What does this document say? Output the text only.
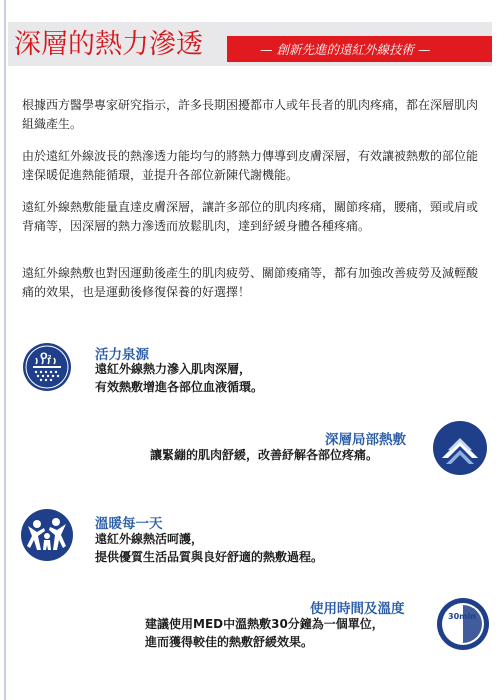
深層的熱力滲透	— 創新先進的遠紅外線技術 —
根據西方醫學專家研究指示，許多長期困擾都市人或年長者的肌肉疼痛，都在深層肌肉組織產生。
由於遠紅外線波長的熱滲透力能均勻的將熱力傳導到皮膚深層，有效讓被熱敷的部位能達保暖促進熱能循環，並提升各部位新陳代謝機能。
遠紅外線熱敷能量直達皮膚深層，讓許多部位的肌肉疼痛，關節疼痛，腰痛，頸或肩或背痛等，因深層的熱力滲透而放鬆肌肉，達到紓緩身體各種疼痛。
遠紅外線熱敷也對因運動後產生的肌肉疲勞、關節痠痛等，都有加強改善疲勞及減輕酸痛的效果，也是運動後修復保養的好選擇！
O₂	活力泉源
遠紅外線熱力滲入肌肉深層，
有效熱敷增進各部位血液循環。
深層局部熱敷
讓緊繃的肌肉舒緩，改善紓解各部位疼痛。
溫暖每一天
遠紅外線熱活呵護，
提供優質生活品質與良好舒適的熱敷過程。
30min
使用時間及溫度
建議使用MED中溫熱敷30分鐘為一個單位，
進而獲得較佳的熱敷舒緩效果。
